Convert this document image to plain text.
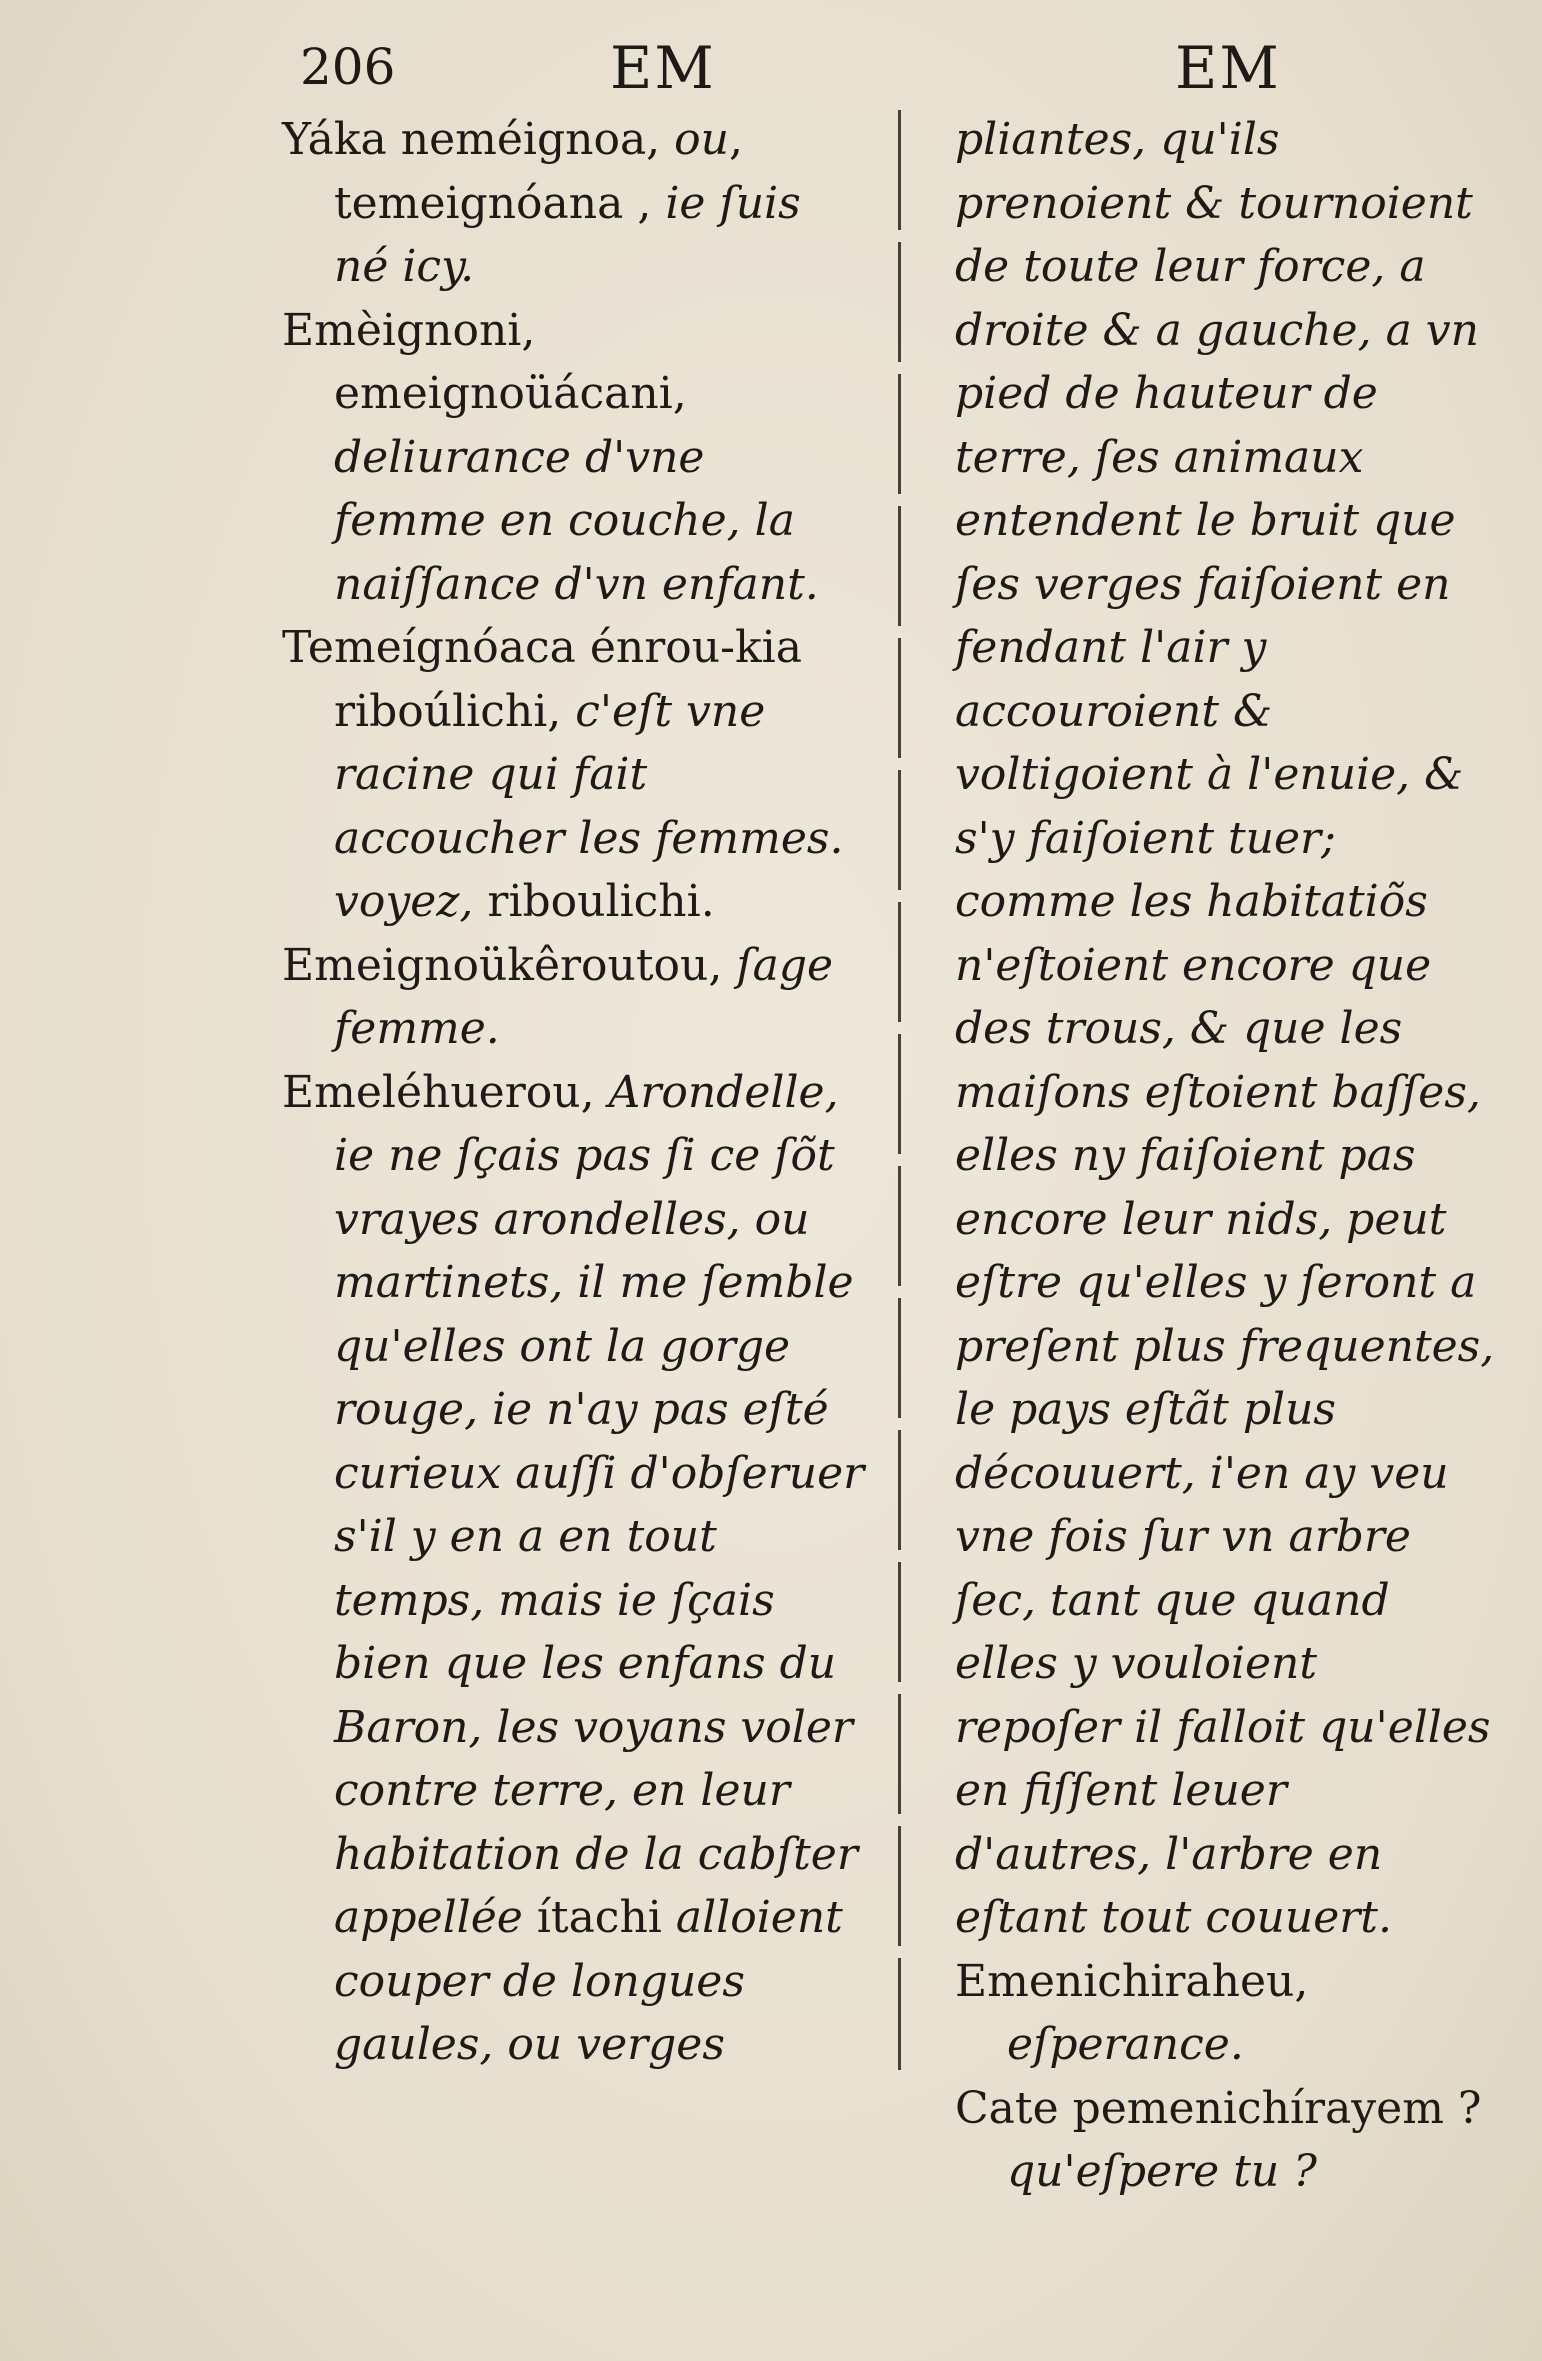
206	EM	EM

Yáka neméignoa, ou, temeignóana , ie ſuis né icy.

Emèignoni, emeignoüácani, deliurance d'vne femme en couche, la naiſſance d'vn enfant.

Temeígnóaca énrou-kia riboúlichi, c'eſt vne racine qui fait accoucher les femmes. voyez, riboulichi.

Emeignoükêroutou, ſage femme.

Emeléhuerou, Arondelle, ie ne ſçais pas ſi ce ſõt vrayes arondelles, ou martinets, il me ſemble qu'elles ont la gorge rouge, ie n'ay pas eſté curieux auſſi d'obſeruer s'il y en a en tout temps, mais ie ſçais bien que les enfans du Baron, les voyans voler contre terre, en leur habitation de la cabſter appellée ítachi alloient couper de longues gaules, ou verges

pliantes, qu'ils prenoient & tournoient de toute leur force, a droite & a gauche, a vn pied de hauteur de terre, ſes animaux entendent le bruit que ſes verges faiſoient en fendant l'air y accouroient & voltigoient à l'enuie, & s'y faiſoient tuer; comme les habitatiõs n'eſtoient encore que des trous, & que les maiſons eſtoient baſſes, elles ny faiſoient pas encore leur nids, peut eſtre qu'elles y ſeront a preſent plus frequentes, le pays eſtãt plus découuert, i'en ay veu vne fois ſur vn arbre ſec, tant que quand elles y vouloient repoſer il falloit qu'elles en fiſſent leuer d'autres, l'arbre en eſtant tout couuert.

Emenichiraheu, eſperance.

Cate pemenichírayem ? qu'eſpere tu ?
